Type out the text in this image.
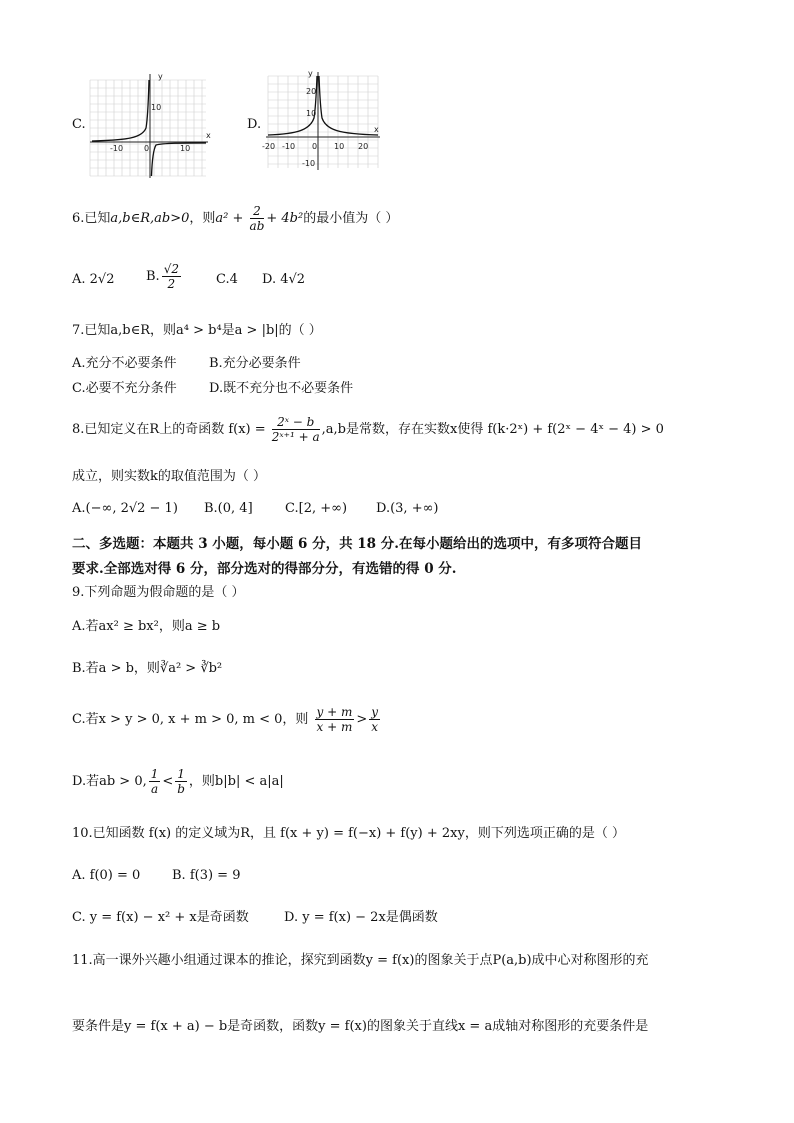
C.
y
x
10
-10	0	10
D.
y
x
20
10
-10
-20 -10 0 10 20
6.已知a,b∈R,ab>0，则$a^2 + \frac{2}{ab} + 4b^2$的最小值为（ ）
A. 2√2 B. $\frac{√2}{2}$	C.4 D. 4√2
7.已知a,b∈R，则a⁴ > b⁴是a > |b|的（ ）
A.充分不必要条件 B.充分必要条件
C.必要不充分条件 D.既不充分也不必要条件
8.已知定义在R上的奇函数 $f(x) = \frac{\text{2ˣ − b}}{\text{2ˣ⁺¹ + a}} ,a,b$是常数，存在实数x使得 f(k·2ˣ) + f(2ˣ − 4ˣ − 4) > 0
成立，则实数k的取值范围为（ ）
A.(−∞, 2√2 − 1) B.(0, 4] C.[2, +∞) D.(3, +∞)
二、多选题：本题共 3 小题，每小题 6 分，共 18 分.在每小题给出的选项中，有多项符合题目
要求.全部选对得 6 分，部分选对的得部分分，有选错的得 0 分.
9.下列命题为假命题的是（ ）
A.若ax² ≥ bx²，则a ≥ b
B.若a > b，则∛a² > ∛b²
C.若x > y > 0, x + m > 0, m < 0，则 $\frac{y + m}{x + m} > \frac{y}{x}$
D.若ab > 0, $\frac{1}{a} < \frac{1}{b}$ ，则b|b| < a|a|
10.已知函数 f(x) 的定义域为R，且 f(x + y) = f(−x) + f(y) + 2xy，则下列选项正确的是（ ）
A. f(0) = 0 B. f(3) = 9
C. y = f(x) − x² + x是奇函数	D. y = f(x) − 2x是偶函数
11.高一课外兴趣小组通过课本的推论，探究到函数y = f(x)的图象关于点P(a,b)成中心对称图形的充
要条件是y = f(x + a) − b是奇函数，函数y = f(x)的图象关于直线x = a成轴对称图形的充要条件是
